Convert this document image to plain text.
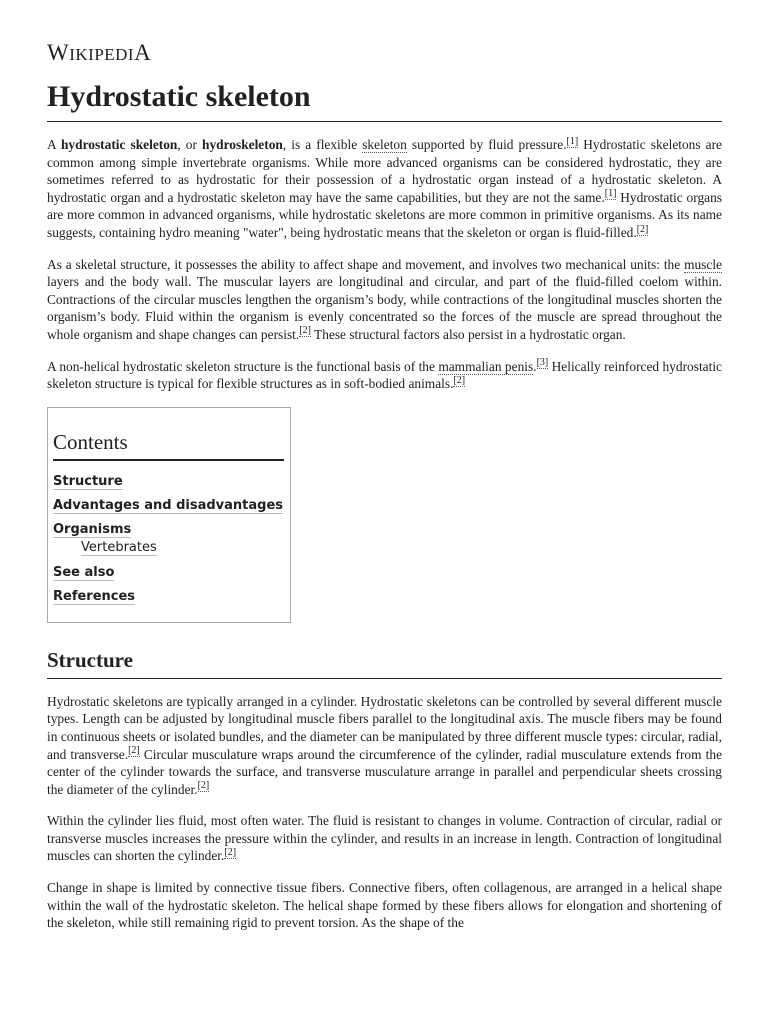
WIKIPEDIA
Hydrostatic skeleton

A hydrostatic skeleton, or hydroskeleton, is a flexible skeleton supported by fluid pressure.[1] Hydrostatic skeletons are common among simple invertebrate organisms. While more advanced organisms can be considered hydrostatic, they are sometimes referred to as hydrostatic for their possession of a hydrostatic organ instead of a hydrostatic skeleton. A hydrostatic organ and a hydrostatic skeleton may have the same capabilities, but they are not the same.[1] Hydrostatic organs are more common in advanced organisms, while hydrostatic skeletons are more common in primitive organisms. As its name suggests, containing hydro meaning "water", being hydrostatic means that the skeleton or organ is fluid-filled.[2]

As a skeletal structure, it possesses the ability to affect shape and movement, and involves two mechanical units: the muscle layers and the body wall. The muscular layers are longitudinal and circular, and part of the fluid-filled coelom within. Contractions of the circular muscles lengthen the organism’s body, while contractions of the longitudinal muscles shorten the organism’s body. Fluid within the organism is evenly concentrated so the forces of the muscle are spread throughout the whole organism and shape changes can persist.[2] These structural factors also persist in a hydrostatic organ.

A non-helical hydrostatic skeleton structure is the functional basis of the mammalian penis.[3] Helically reinforced hydrostatic skeleton structure is typical for flexible structures as in soft-bodied animals.[2]

Contents
Structure
Advantages and disadvantages
Organisms
Vertebrates
See also
References
Structure

Hydrostatic skeletons are typically arranged in a cylinder. Hydrostatic skeletons can be controlled by several different muscle types. Length can be adjusted by longitudinal muscle fibers parallel to the longitudinal axis. The muscle fibers may be found in continuous sheets or isolated bundles, and the diameter can be manipulated by three different muscle types: circular, radial, and transverse.[2] Circular musculature wraps around the circumference of the cylinder, radial musculature extends from the center of the cylinder towards the surface, and transverse musculature arrange in parallel and perpendicular sheets crossing the diameter of the cylinder.[2]

Within the cylinder lies fluid, most often water. The fluid is resistant to changes in volume. Contraction of circular, radial or transverse muscles increases the pressure within the cylinder, and results in an increase in length. Contraction of longitudinal muscles can shorten the cylinder.[2]

Change in shape is limited by connective tissue fibers. Connective fibers, often collagenous, are arranged in a helical shape within the wall of the hydrostatic skeleton. The helical shape formed by these fibers allows for elongation and shortening of the skeleton, while still remaining rigid to prevent torsion. As the shape of the
